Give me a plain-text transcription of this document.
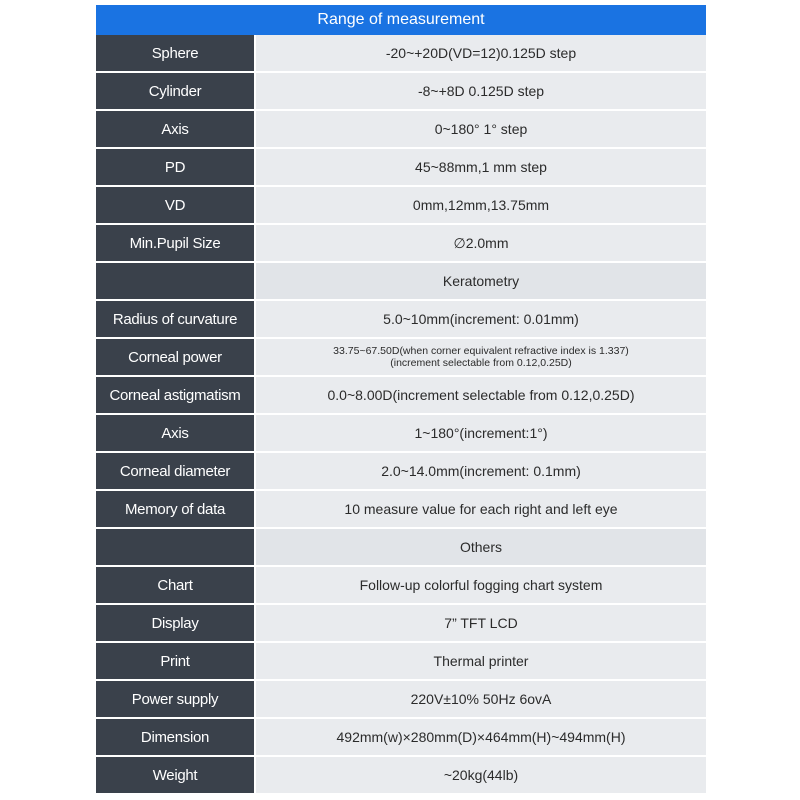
Range of measurement
Sphere	-20~+20D(VD=12)0.125D step
Cylinder	-8~+8D 0.125D step
Axis	0~180° 1° step
PD	45~88mm,1 mm step
VD	0mm,12mm,13.75mm
Min.Pupil Size	∅2.0mm
Keratometry
Radius of curvature	5.0~10mm(increment: 0.01mm)
Corneal power	33.75~67.50D(when corner equivalent refractive index is 1.337)
(increment selectable from 0.12,0.25D)
Corneal astigmatism	0.0~8.00D(increment selectable from 0.12,0.25D)
Axis	1~180°(increment:1°)
Corneal diameter	2.0~14.0mm(increment: 0.1mm)
Memory of data	10 measure value for each right and left eye
Others
Chart	Follow-up colorful fogging chart system
Display	7” TFT LCD
Print	Thermal printer
Power supply	220V±10% 50Hz 6ovA
Dimension	492mm(w)×280mm(D)×464mm(H)~494mm(H)
Weight	~20kg(44lb)
